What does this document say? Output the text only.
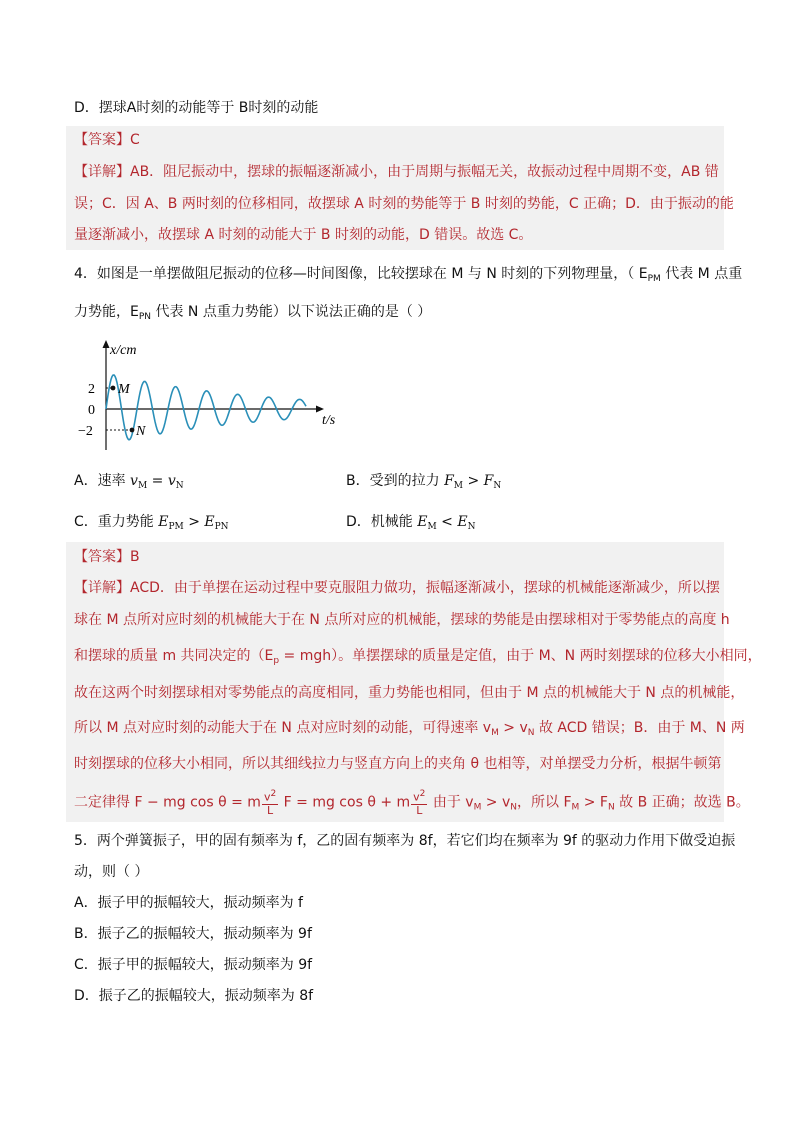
D．摆球A时刻的动能等于 B时刻的动能
【答案】C
【详解】AB．阻尼振动中，摆球的振幅逐渐减小，由于周期与振幅无关，故振动过程中周期不变，AB 错
误；C．因 A、B 两时刻的位移相同，故摆球 A 时刻的势能等于 B 时刻的势能，C 正确；D．由于振动的能
量逐渐减小，故摆球 A 时刻的动能大于 B 时刻的动能，D 错误。故选 C。
4．如图是一单摆做阻尼振动的位移—时间图像，比较摆球在 M 与 N 时刻的下列物理量，（ $E_{PM}$ 代表 M 点重
力势能，$E_{PN}$ 代表 N 点重力势能）以下说法正确的是（ ）
x/cm
t/s
2
0
−2
M
N
A．速率 $v_M = v_N$	B．受到的拉力 $F_M > F_N$
C．重力势能 $E_{PM} > E_{PN}$	D．机械能 $E_M < E_N$
【答案】B
【详解】ACD．由于单摆在运动过程中要克服阻力做功，振幅逐渐减小，摆球的机械能逐渐减少，所以摆
球在 M 点所对应时刻的机械能大于在 N 点所对应的机械能，摆球的势能是由摆球相对于零势能点的高度 h
和摆球的质量 m 共同决定的$(E_p = mgh)$。单摆摆球的质量是定值，由于 M、N 两时刻摆球的位移大小相同，
故在这两个时刻摆球相对零势能点的高度相同，重力势能也相同，但由于 M 点的机械能大于 N 点的机械能，
所以 M 点对应时刻的动能大于在 N 点对应时刻的动能，可得速率 $v_M > v_N$ 故 ACD 错误；B．由于 M、N 两
时刻摆球的位移大小相同，所以其细线拉力与竖直方向上的夹角 θ 也相等，对单摆受力分析，根据牛顿第
二定律得 F − mg cos θ = m $\frac{v^2}{L}$ F = mg cos θ + m $\frac{v^2}{L}$ 由于 $v_M > v_N$，所以 $F_M > F_N$ 故 B 正确；故选 B。
5．两个弹簧振子，甲的固有频率为 f，乙的固有频率为 8f，若它们均在频率为 9f 的驱动力作用下做受迫振
动，则（ ）
A．振子甲的振幅较大，振动频率为 f
B．振子乙的振幅较大，振动频率为 9f
C．振子甲的振幅较大，振动频率为 9f
D．振子乙的振幅较大，振动频率为 8f
